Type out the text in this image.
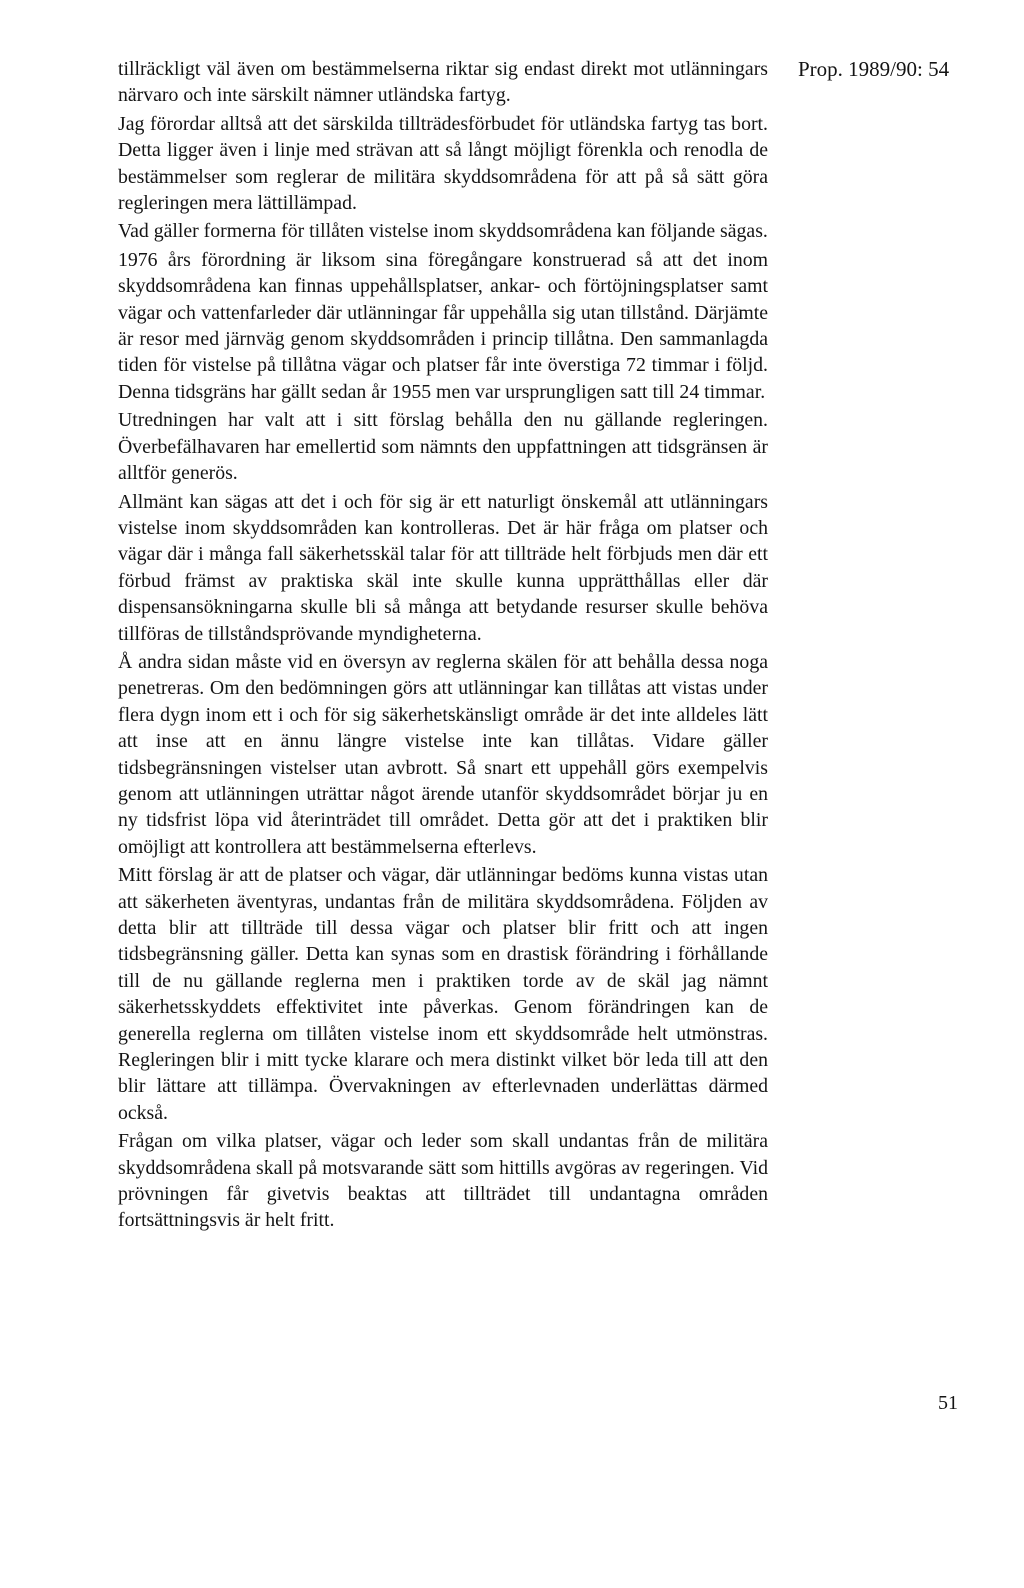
Prop. 1989/90: 54

tillräckligt väl även om bestämmelserna riktar sig endast direkt mot utlänningars närvaro och inte särskilt nämner utländska fartyg.

Jag förordar alltså att det särskilda tillträdesförbudet för utländska fartyg tas bort. Detta ligger även i linje med strävan att så långt möjligt förenkla och renodla de bestämmelser som reglerar de militära skyddsområdena för att på så sätt göra regleringen mera lättillämpad.

Vad gäller formerna för tillåten vistelse inom skyddsområdena kan följande sägas.

1976 års förordning är liksom sina föregångare konstruerad så att det inom skyddsområdena kan finnas uppehållsplatser, ankar- och förtöjningsplatser samt vägar och vattenfarleder där utlänningar får uppehålla sig utan tillstånd. Därjämte är resor med järnväg genom skyddsområden i princip tillåtna. Den sammanlagda tiden för vistelse på tillåtna vägar och platser får inte överstiga 72 timmar i följd. Denna tidsgräns har gällt sedan år 1955 men var ursprungligen satt till 24 timmar.

Utredningen har valt att i sitt förslag behålla den nu gällande regleringen. Överbefälhavaren har emellertid som nämnts den uppfattningen att tidsgränsen är alltför generös.

Allmänt kan sägas att det i och för sig är ett naturligt önskemål att utlänningars vistelse inom skyddsområden kan kontrolleras. Det är här fråga om platser och vägar där i många fall säkerhetsskäl talar för att tillträde helt förbjuds men där ett förbud främst av praktiska skäl inte skulle kunna upprätthållas eller där dispensansökningarna skulle bli så många att betydande resurser skulle behöva tillföras de tillståndsprövande myndigheterna.

Å andra sidan måste vid en översyn av reglerna skälen för att behålla dessa noga penetreras. Om den bedömningen görs att utlänningar kan tillåtas att vistas under flera dygn inom ett i och för sig säkerhetskänsligt område är det inte alldeles lätt att inse att en ännu längre vistelse inte kan tillåtas. Vidare gäller tidsbegränsningen vistelser utan avbrott. Så snart ett uppehåll görs exempelvis genom att utlänningen uträttar något ärende utanför skyddsområdet börjar ju en ny tidsfrist löpa vid återinträdet till området. Detta gör att det i praktiken blir omöjligt att kontrollera att bestämmelserna efterlevs.

Mitt förslag är att de platser och vägar, där utlänningar bedöms kunna vistas utan att säkerheten äventyras, undantas från de militära skyddsområdena. Följden av detta blir att tillträde till dessa vägar och platser blir fritt och att ingen tidsbegränsning gäller. Detta kan synas som en drastisk förändring i förhållande till de nu gällande reglerna men i praktiken torde av de skäl jag nämnt säkerhetsskyddets effektivitet inte påverkas. Genom förändringen kan de generella reglerna om tillåten vistelse inom ett skyddsområde helt utmönstras. Regleringen blir i mitt tycke klarare och mera distinkt vilket bör leda till att den blir lättare att tillämpa. Övervakningen av efterlevnaden underlättas därmed också.

Frågan om vilka platser, vägar och leder som skall undantas från de militära skyddsområdena skall på motsvarande sätt som hittills avgöras av regeringen. Vid prövningen får givetvis beaktas att tillträdet till undantagna områden fortsättningsvis är helt fritt.

51
